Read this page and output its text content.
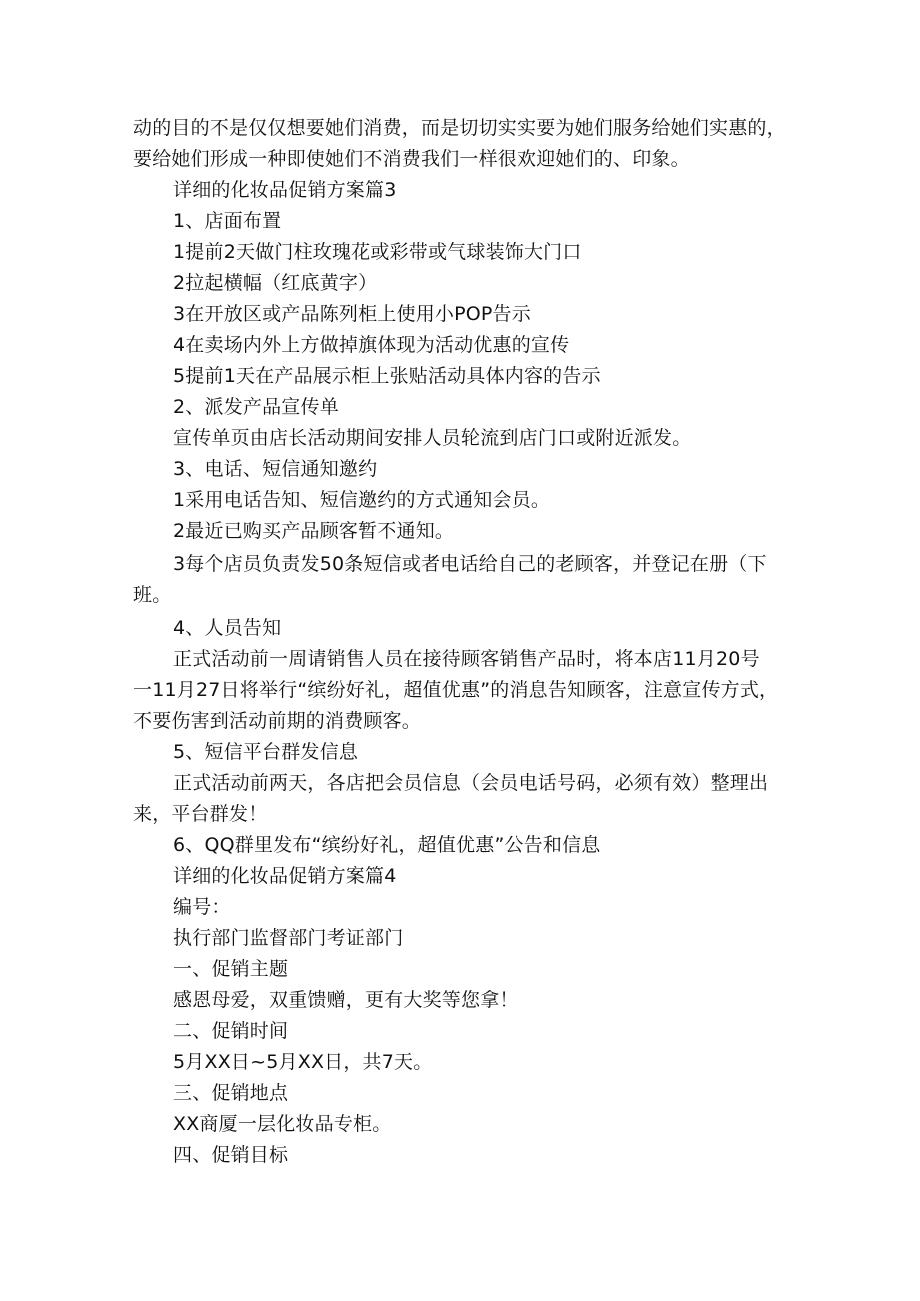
动的目的不是仅仅想要她们消费，而是切切实实要为她们服务给她们实惠的，
要给她们形成一种即使她们不消费我们一样很欢迎她们的、印象。
详细的化妆品促销方案篇3
1、店面布置
1提前2天做门柱玫瑰花或彩带或气球装饰大门口
2拉起横幅（红底黄字）
3在开放区或产品陈列柜上使用小POP告示
4在卖场内外上方做掉旗体现为活动优惠的宣传
5提前1天在产品展示柜上张贴活动具体内容的告示
2、派发产品宣传单
宣传单页由店长活动期间安排人员轮流到店门口或附近派发。
3、电话、短信通知邀约
1采用电话告知、短信邀约的方式通知会员。
2最近已购买产品顾客暂不通知。
3每个店员负责发50条短信或者电话给自己的老顾客，并登记在册（下
班。
4、人员告知
正式活动前一周请销售人员在接待顾客销售产品时，将本店11月20号
一11月27日将举行“缤纷好礼，超值优惠”的消息告知顾客，注意宣传方式，
不要伤害到活动前期的消费顾客。
5、短信平台群发信息
正式活动前两天，各店把会员信息（会员电话号码，必须有效）整理出
来，平台群发！
6、QQ群里发布“缤纷好礼，超值优惠”公告和信息
详细的化妆品促销方案篇4
编号：
执行部门监督部门考证部门
一、促销主题
感恩母爱，双重馈赠，更有大奖等您拿！
二、促销时间
5月XX日~5月XX日，共7天。
三、促销地点
XX商厦一层化妆品专柜。
四、促销目标
